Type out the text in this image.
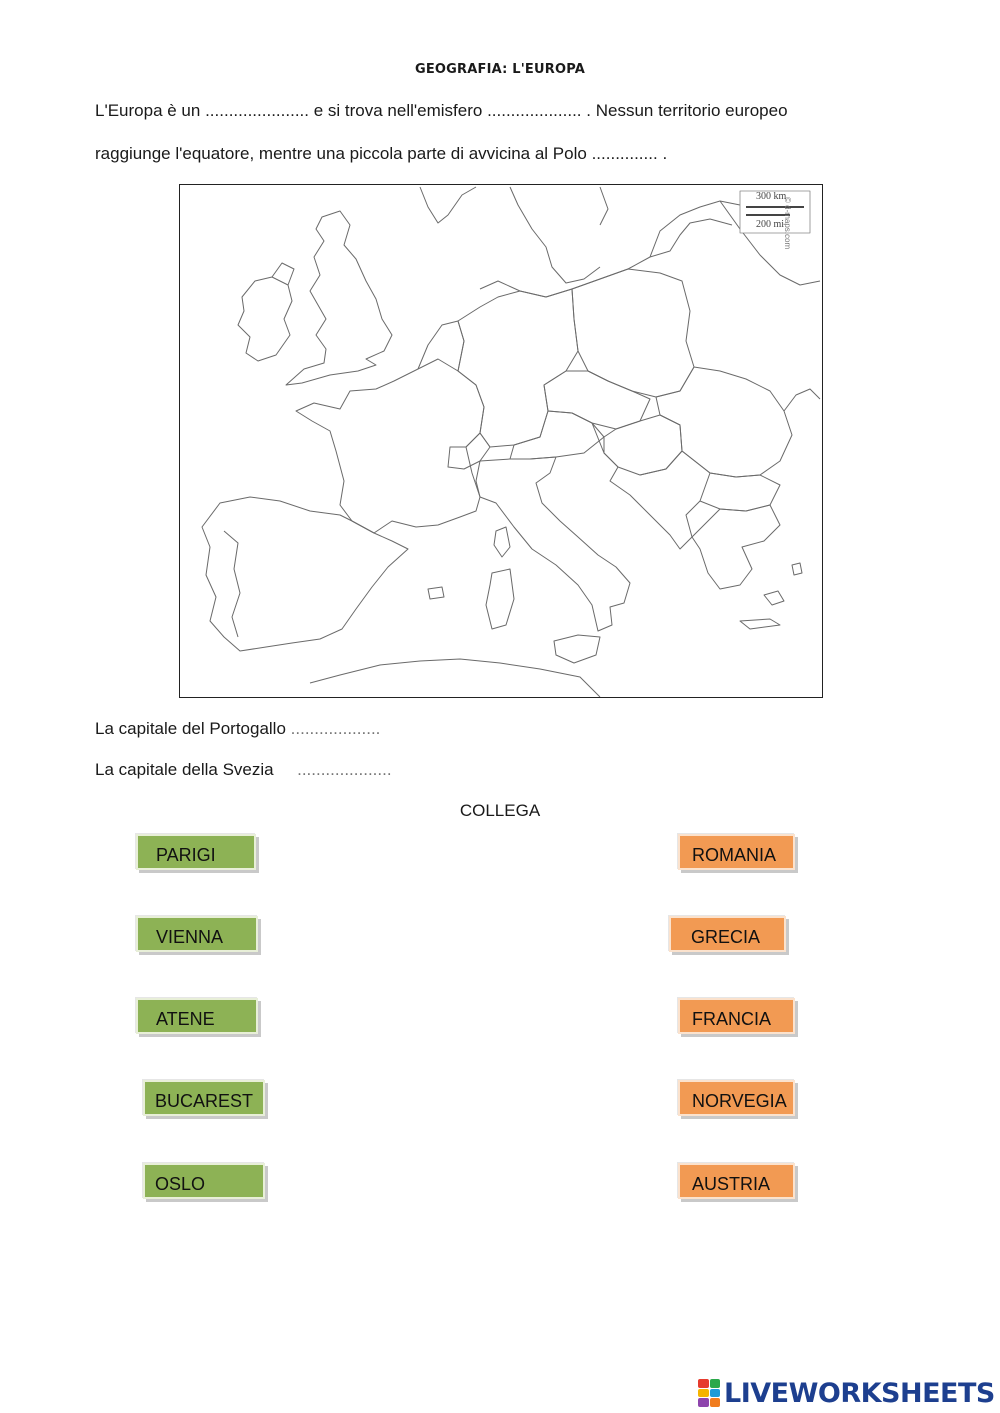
GEOGRAFIA: L'EUROPA
L'Europa è un ...................... e si trova nell'emisfero .................... . Nessun territorio europeo
raggiunge l'equatore, mentre una piccola parte di avvicina al Polo .............. .
300 km
200 mi
© d-maps.com
La capitale del Portogallo ...................
La capitale della Svezia  ....................
COLLEGA
PARIGI
VIENNA
ATENE
BUCAREST
OSLO
ROMANIA
GRECIA
FRANCIA
NORVEGIA
AUSTRIA
LIVEWORKSHEETS
